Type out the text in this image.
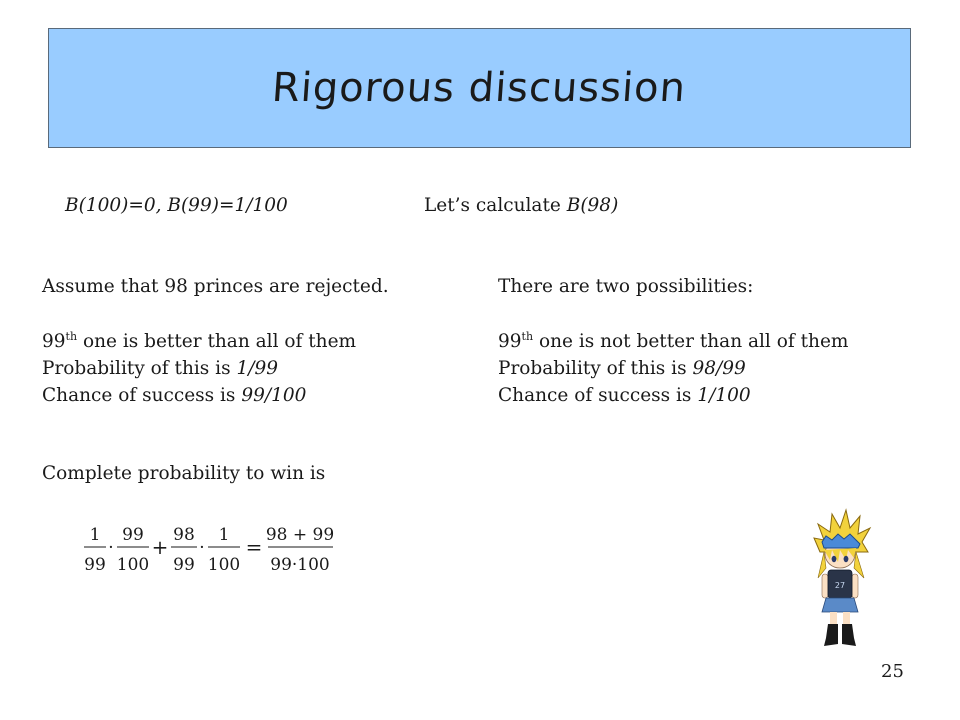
Rigorous discussion
B(100)=0, B(99)=1/100	Let’s calculate B(98)
Assume that 98 princes are rejected.
99th one is better than all of them
Probability of this is 1/99
Chance of success is 99/100
Complete probability to win is
There are two possibilities:
99th one is not better than all of them
Probability of this is 98/99
Chance of success is 1/100
1
99
·
99
100
+ 98
99
·
1
100
= 98 + 99
99·100
27
25
